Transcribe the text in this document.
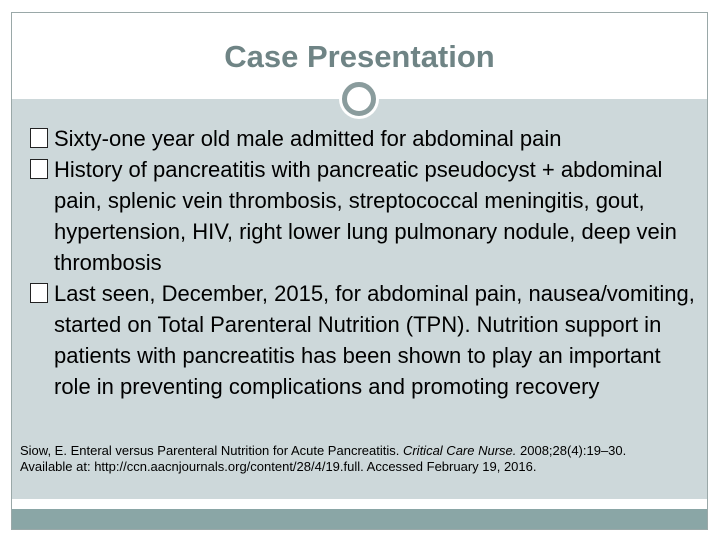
Case Presentation
Sixty-one year old male admitted for abdominal pain
History of pancreatitis with pancreatic pseudocyst + abdominal pain, splenic vein thrombosis, streptococcal meningitis, gout, hypertension, HIV, right lower lung pulmonary nodule, deep vein thrombosis
Last seen, December, 2015, for abdominal pain, nausea/vomiting, started on Total Parenteral Nutrition (TPN). Nutrition support in patients with pancreatitis has been shown to play an important role in preventing complications and promoting recovery
Siow, E. Enteral versus Parenteral Nutrition for Acute Pancreatitis. Critical Care Nurse. 2008;28(4):19–30. Available at: http://ccn.aacnjournals.org/content/28/4/19.full. Accessed February 19, 2016.
